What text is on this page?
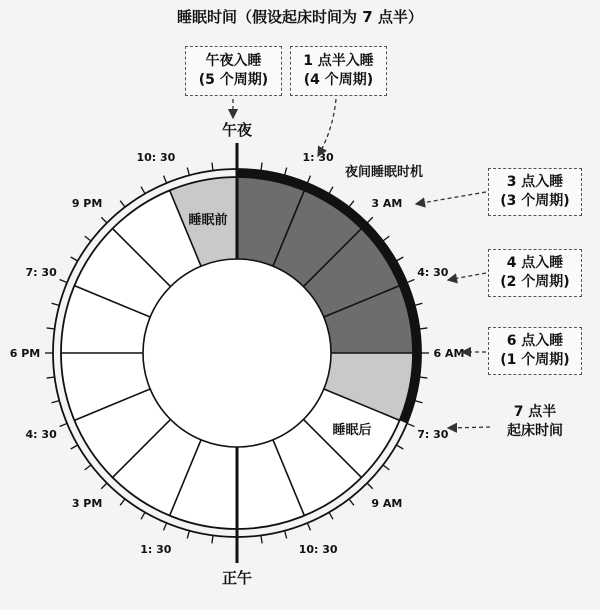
睡眠时间（假设起床时间为 7 点半）
1: 30
3 AM
4: 30
6 AM
7: 30
9 AM
10: 30
1: 30
3 PM
4: 30
6 PM
7: 30
9 PM
10: 30
午夜
正午
睡眠前
睡眠后
夜间睡眠时机
午夜入睡
(5 个周期)
1 点半入睡
(4 个周期)
3 点入睡
(3 个周期)
4 点入睡
(2 个周期)
6 点入睡
(1 个周期)
7 点半
起床时间
